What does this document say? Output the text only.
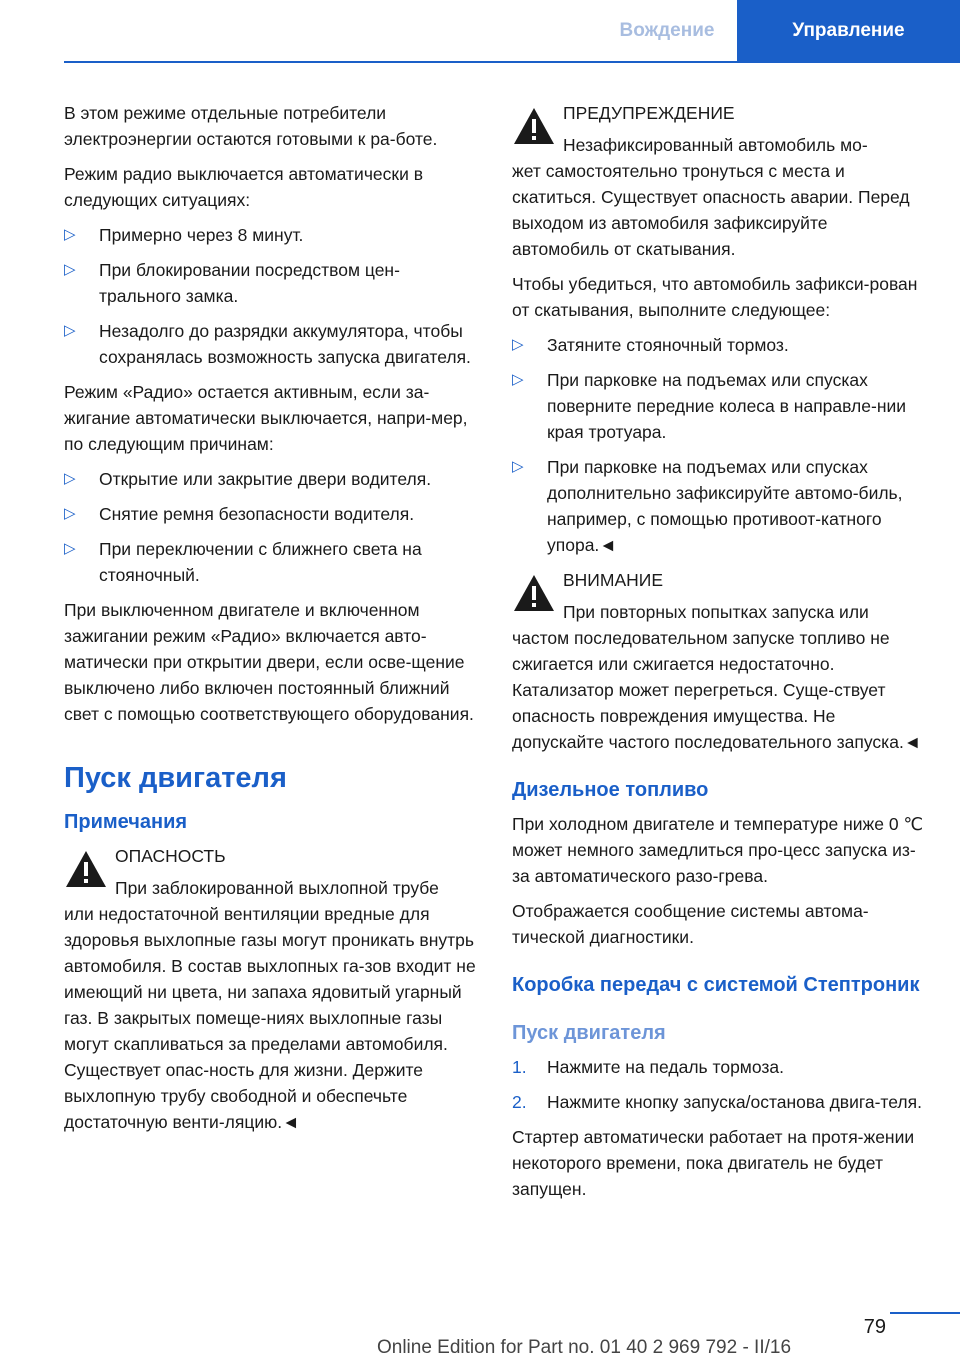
Вождение	Управление

В этом режиме отдельные потребители электроэнергии остаются готовыми к ра-боте.

Режим радио выключается автоматически в следующих ситуациях:

▷ Примерно через 8 минут.
▷ При блокировании посредством цен-трального замка.
▷ Незадолго до разрядки аккумулятора, чтобы сохранялась возможность запуска двигателя.

Режим «Радио» остается активным, если за-жигание автоматически выключается, напри-мер, по следующим причинам:

▷ Открытие или закрытие двери водителя.
▷ Снятие ремня безопасности водителя.
▷ При переключении с ближнего света на стояночный.

При выключенном двигателе и включенном зажигании режим «Радио» включается авто-матически при открытии двери, если осве-щение выключено либо включен постоянный ближний свет с помощью соответствующего оборудования.

Пуск двигателя
Примечания
ОПАСНОСТЬ
При заблокированной выхлопной трубе
или недостаточной вентиляции вредные для здоровья выхлопные газы могут проникать внутрь автомобиля. В состав выхлопных га-зов входит не имеющий ни цвета, ни запаха ядовитый угарный газ. В закрытых помеще-ниях выхлопные газы могут скапливаться за пределами автомобиля. Существует опас-ность для жизни. Держите выхлопную трубу свободной и обеспечьте достаточную венти-ляцию.◄
ПРЕДУПРЕЖДЕНИЕ
Незафиксированный автомобиль мо-
жет самостоятельно тронуться с места и скатиться. Существует опасность аварии. Перед выходом из автомобиля зафиксируйте автомобиль от скатывания.

Чтобы убедиться, что автомобиль зафикси-рован от скатывания, выполните следующее:

▷ Затяните стояночный тормоз.
▷ При парковке на подъемах или спусках поверните передние колеса в направле-нии края тротуара.
▷ При парковке на подъемах или спусках дополнительно зафиксируйте автомо-биль, например, с помощью противоот-катного упора.◄
ВНИМАНИЕ
При повторных попытках запуска или
частом последовательном запуске топливо не сжигается или сжигается недостаточно. Катализатор может перегреться. Суще-ствует опасность повреждения имущества. Не допускайте частого последовательного запуска.◄
Дизельное топливо

При холодном двигателе и температуре ниже 0 ℃ может немного замедлиться про-цесс запуска из-за автоматического разо-грева.

Отображается сообщение системы автома-тической диагностики.

Коробка передач с системой Стептроник
Пуск двигателя
1. Нажмите на педаль тормоза.
2. Нажмите кнопку запуска/останова двига-теля.

Стартер автоматически работает на протя-жении некоторого времени, пока двигатель не будет запущен.

79
Online Edition for Part no. 01 40 2 969 792 - II/16
